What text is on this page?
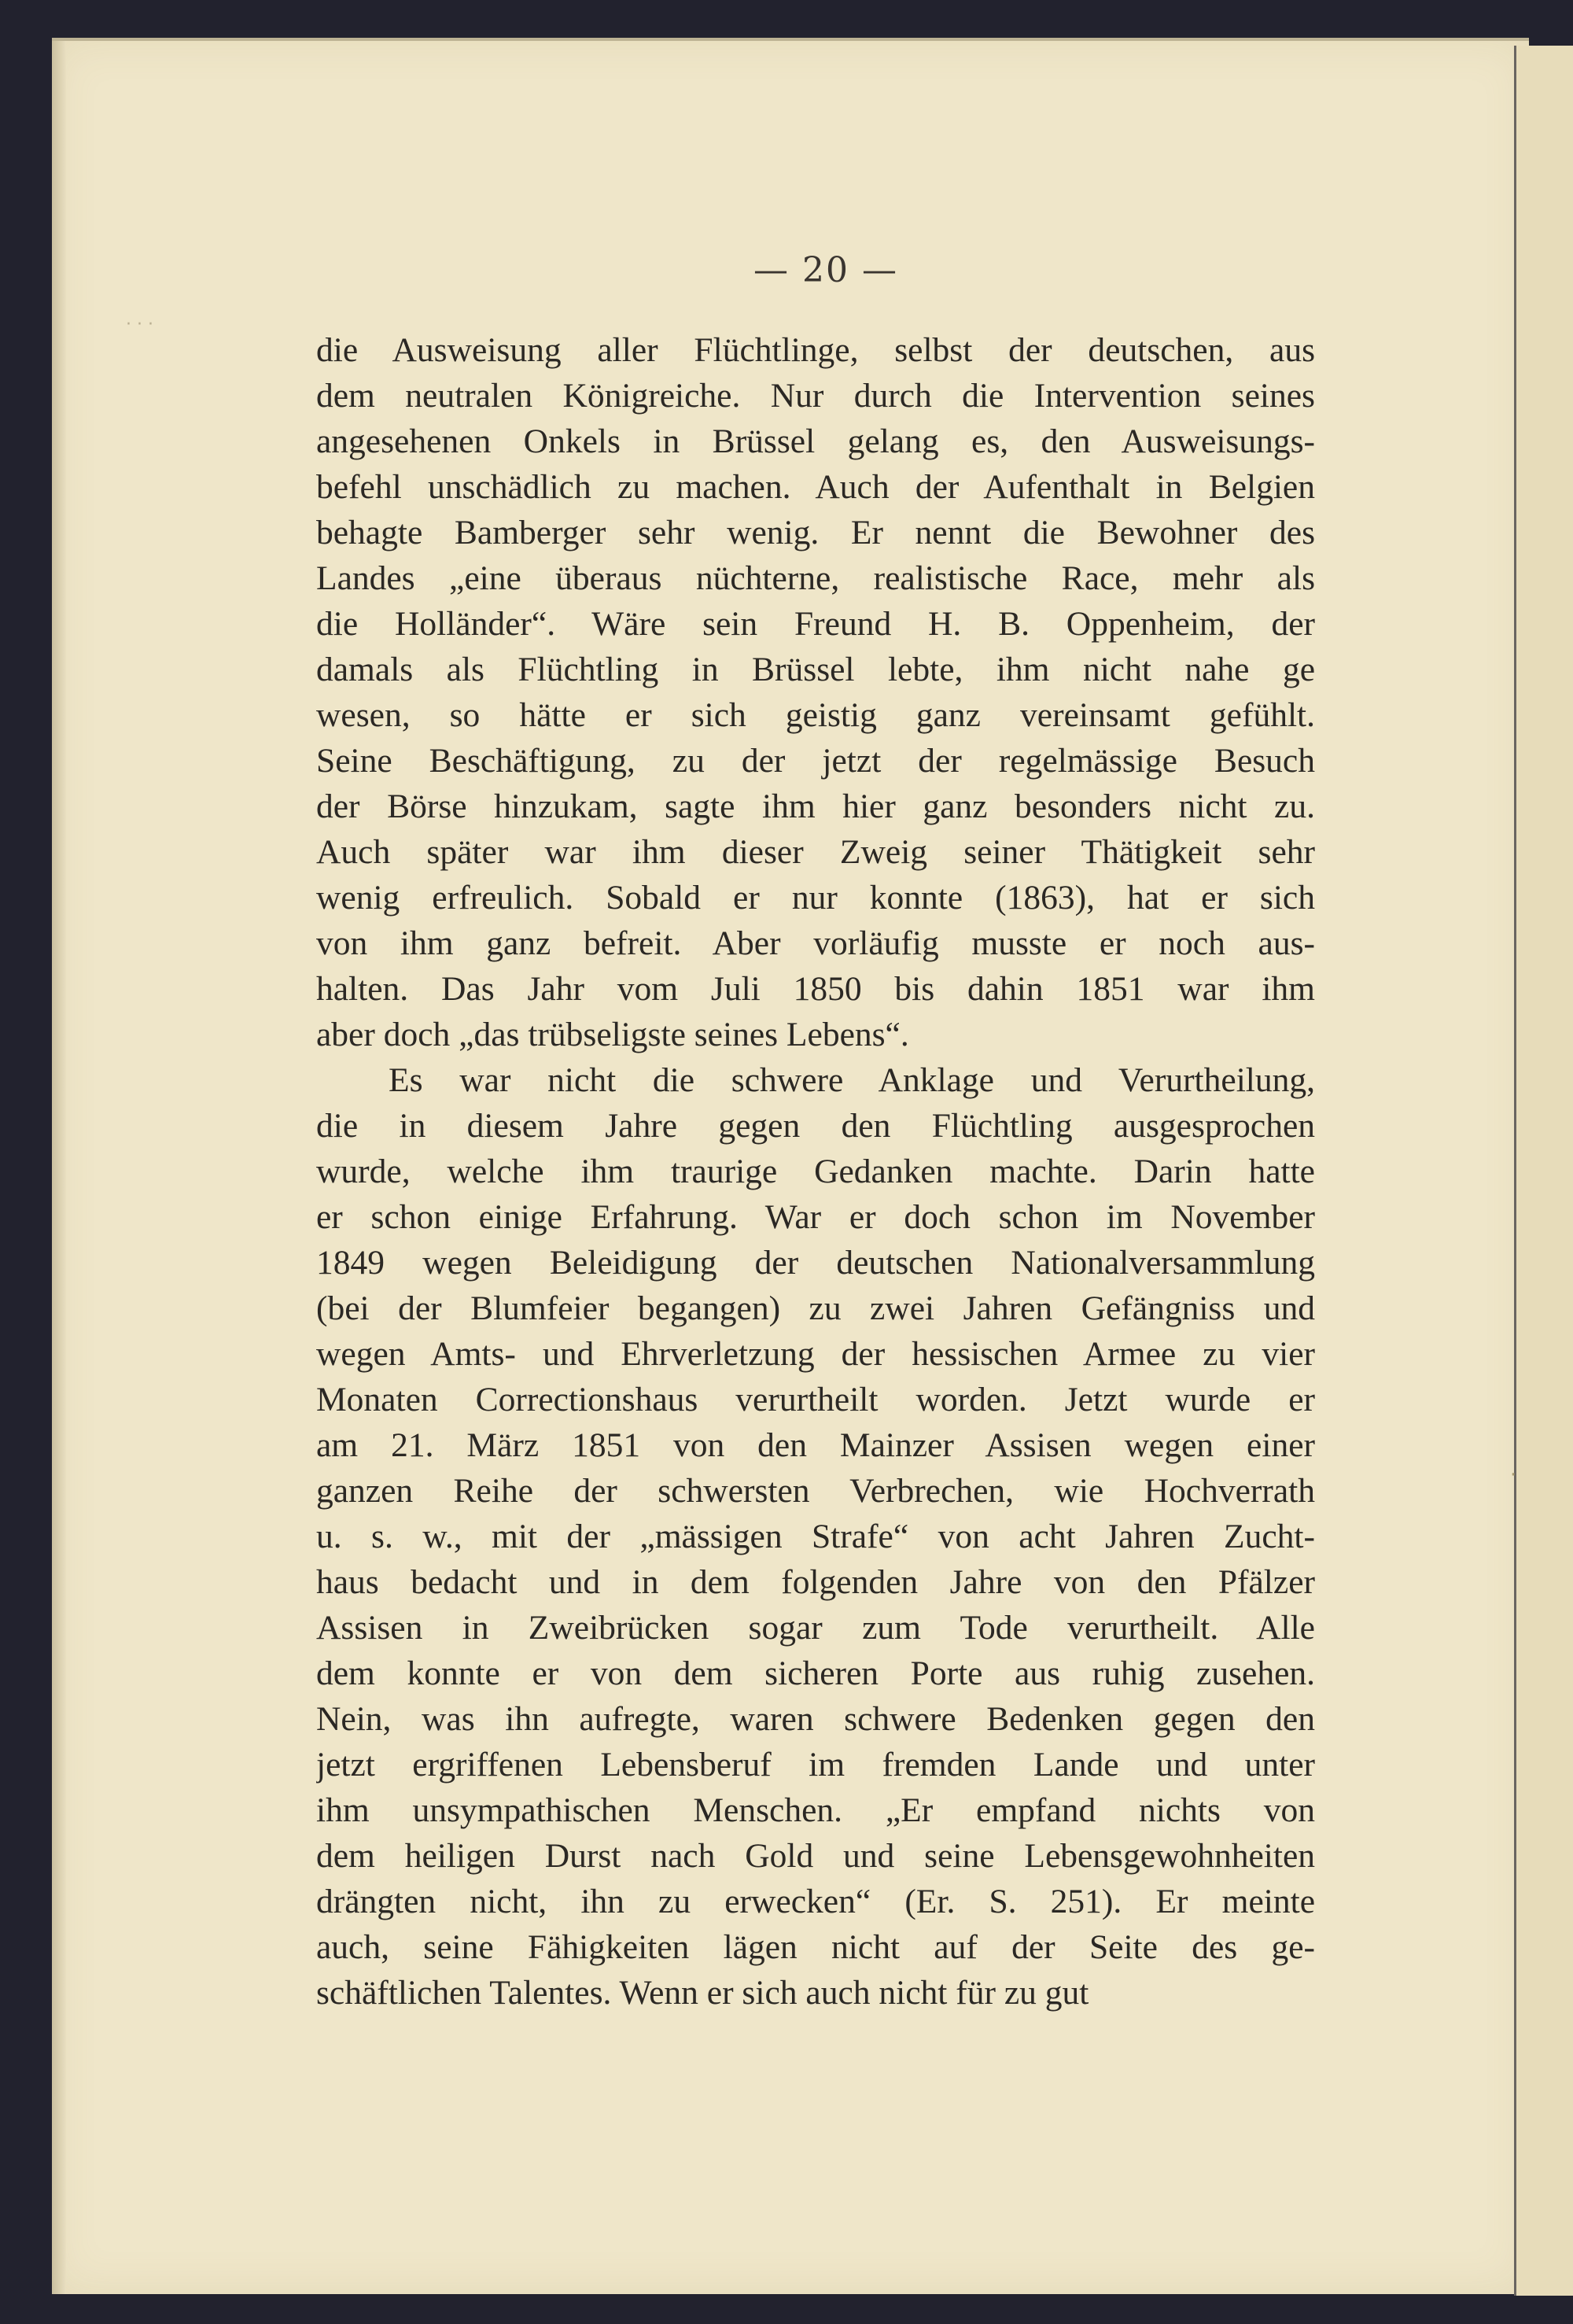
· · ·
·
— 20 —
die Ausweisung aller Flüchtlinge, selbst der deutschen, aus
dem neutralen Königreiche. Nur durch die Intervention seines
angesehenen Onkels in Brüssel gelang es, den Ausweisungs-
befehl unschädlich zu machen. Auch der Aufenthalt in Belgien
behagte Bamberger sehr wenig. Er nennt die Bewohner des
Landes „eine überaus nüchterne, realistische Race, mehr als
die Holländer“. Wäre sein Freund H. B. Oppenheim, der
damals als Flüchtling in Brüssel lebte, ihm nicht nahe ge
wesen, so hätte er sich geistig ganz vereinsamt gefühlt.
Seine Beschäftigung, zu der jetzt der regelmässige Besuch
der Börse hinzukam, sagte ihm hier ganz besonders nicht zu.
Auch später war ihm dieser Zweig seiner Thätigkeit sehr
wenig erfreulich. Sobald er nur konnte (1863), hat er sich
von ihm ganz befreit. Aber vorläufig musste er noch aus-
halten. Das Jahr vom Juli 1850 bis dahin 1851 war ihm
aber doch „das trübseligste seines Lebens“.
Es war nicht die schwere Anklage und Verurtheilung,
die in diesem Jahre gegen den Flüchtling ausgesprochen
wurde, welche ihm traurige Gedanken machte. Darin hatte
er schon einige Erfahrung. War er doch schon im November
1849 wegen Beleidigung der deutschen Nationalversammlung
(bei der Blumfeier begangen) zu zwei Jahren Gefängniss und
wegen Amts- und Ehrverletzung der hessischen Armee zu vier
Monaten Correctionshaus verurtheilt worden. Jetzt wurde er
am 21. März 1851 von den Mainzer Assisen wegen einer
ganzen Reihe der schwersten Verbrechen, wie Hochverrath
u. s. w., mit der „mässigen Strafe“ von acht Jahren Zucht-
haus bedacht und in dem folgenden Jahre von den Pfälzer
Assisen in Zweibrücken sogar zum Tode verurtheilt. Alle
dem konnte er von dem sicheren Porte aus ruhig zusehen.
Nein, was ihn aufregte, waren schwere Bedenken gegen den
jetzt ergriffenen Lebensberuf im fremden Lande und unter
ihm unsympathischen Menschen. „Er empfand nichts von
dem heiligen Durst nach Gold und seine Lebensgewohnheiten
drängten nicht, ihn zu erwecken“ (Er. S. 251). Er meinte
auch, seine Fähigkeiten lägen nicht auf der Seite des ge-
schäftlichen Talentes. Wenn er sich auch nicht für zu gut
